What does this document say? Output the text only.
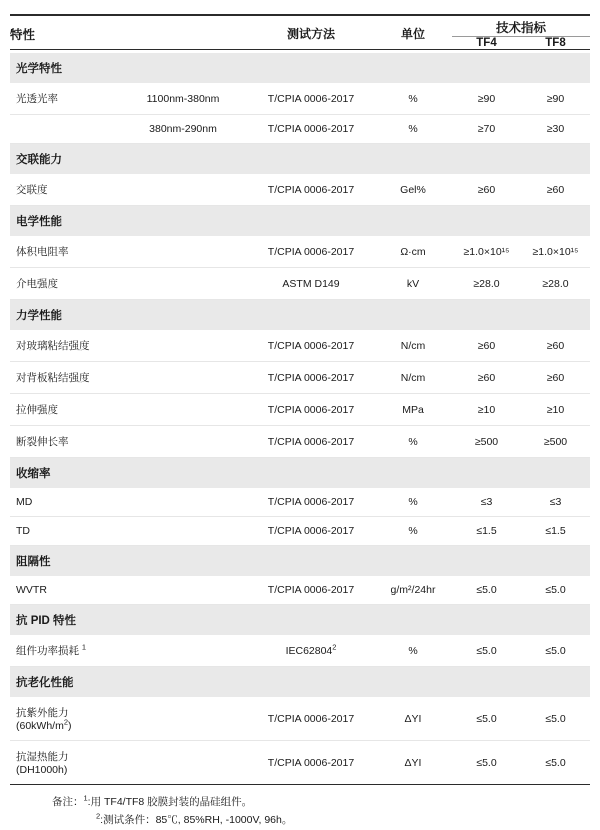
特性		测试方法	单位	技术指标	
				TF4	TF8

光学特性					
光透光率	1100nm-380nm	T/CPIA 0006-2017	%	≥90	≥90
	380nm-290nm	T/CPIA 0006-2017	%	≥70	≥30
交联能力					
交联度		T/CPIA 0006-2017	Gel%	≥60	≥60
电学性能					
体积电阻率		T/CPIA 0006-2017	Ω·cm	≥1.0×10¹⁵	≥1.0×10¹⁵
介电强度		ASTM D149	kV	≥28.0	≥28.0
力学性能					
对玻璃粘结强度		T/CPIA 0006-2017	N/cm	≥60	≥60
对背板粘结强度		T/CPIA 0006-2017	N/cm	≥60	≥60
拉伸强度		T/CPIA 0006-2017	MPa	≥10	≥10
断裂伸长率		T/CPIA 0006-2017	%	≥500	≥500
收缩率					
MD		T/CPIA 0006-2017	%	≤3	≤3
TD		T/CPIA 0006-2017	%	≤1.5	≤1.5
阻隔性					
WVTR		T/CPIA 0006-2017	g/m²/24hr	≤5.0	≤5.0
抗 PID 特性					
组件功率损耗 $^1$		IEC62804$^2$	%	≤5.0	≤5.0
抗老化性能					
抗紫外能力$(60kWh/m^2)$		T/CPIA 0006-2017	ΔYI	≤5.0	≤5.0
抗湿热能力(DH1000h)		T/CPIA 0006-2017	ΔYI	≤5.0	≤5.0

备注：$^1$:用 TF4/TF8 胶膜封装的晶硅组件。
$^2$:测试条件：85℃, 85%RH, -1000V, 96h。
